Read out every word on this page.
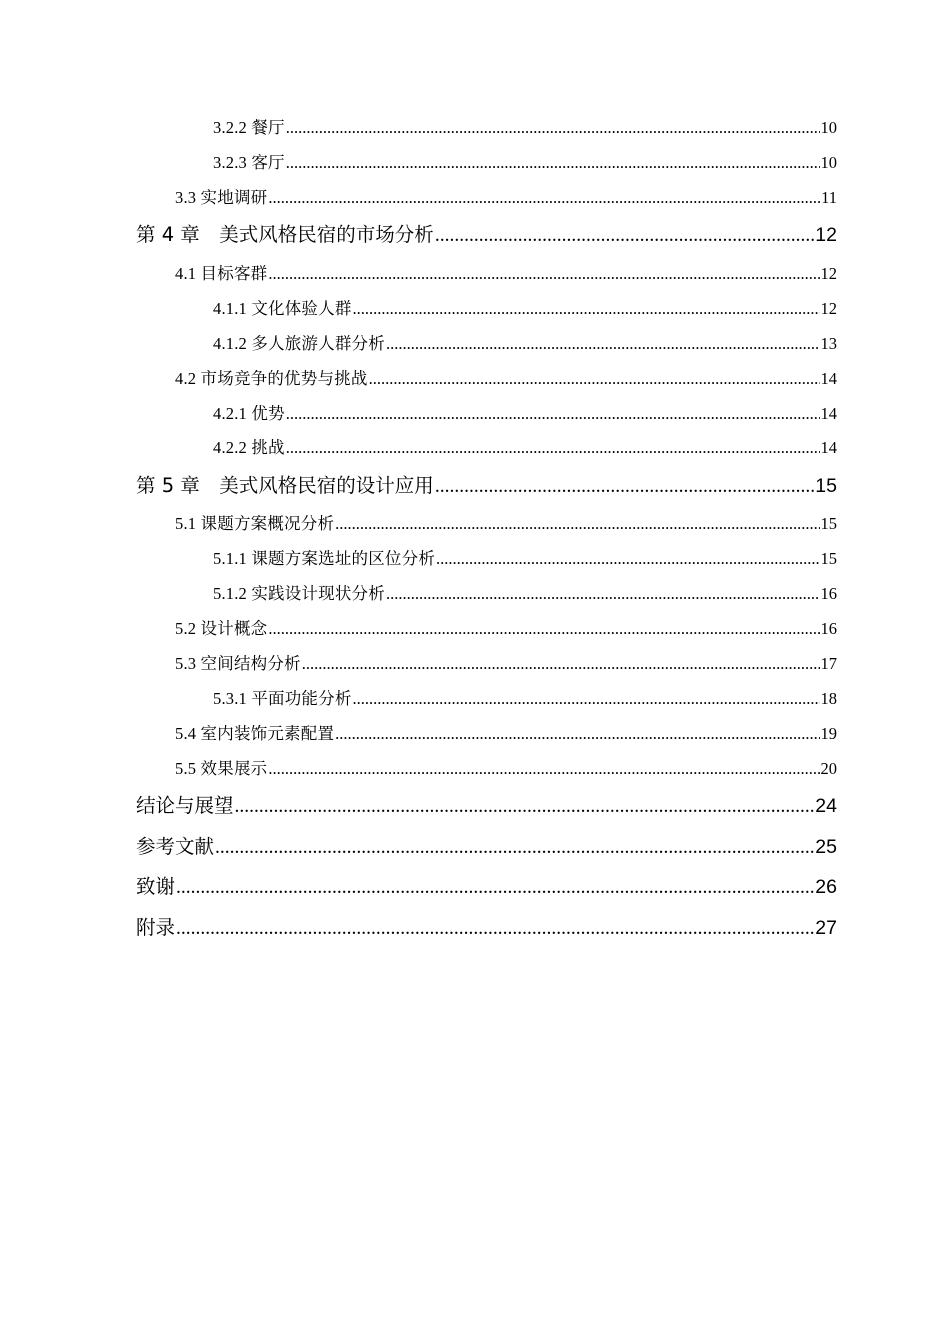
3.2.2 餐厅 .....	10
3.2.3 客厅 .....	10
3.3 实地调研 .....	11
第 4 章　美式风格民宿的市场分析 .....	12
4.1 目标客群 .....	12
4.1.1 文化体验人群 .....	12
4.1.2 多人旅游人群分析 .....	13
4.2 市场竞争的优势与挑战 .....	14
4.2.1 优势 .....	14
4.2.2 挑战 .....	14
第 5 章　美式风格民宿的设计应用 .....	15
5.1 课题方案概况分析 .....	15
5.1.1 课题方案选址的区位分析 .....	15
5.1.2 实践设计现状分析 .....	16
5.2 设计概念 .....	16
5.3 空间结构分析 .....	17
5.3.1 平面功能分析 .....	18
5.4 室内装饰元素配置 .....	19
5.5 效果展示 .....	20
结论与展望 .....	24
参考文献 .....	25
致谢 .....	26
附录 .....	27
